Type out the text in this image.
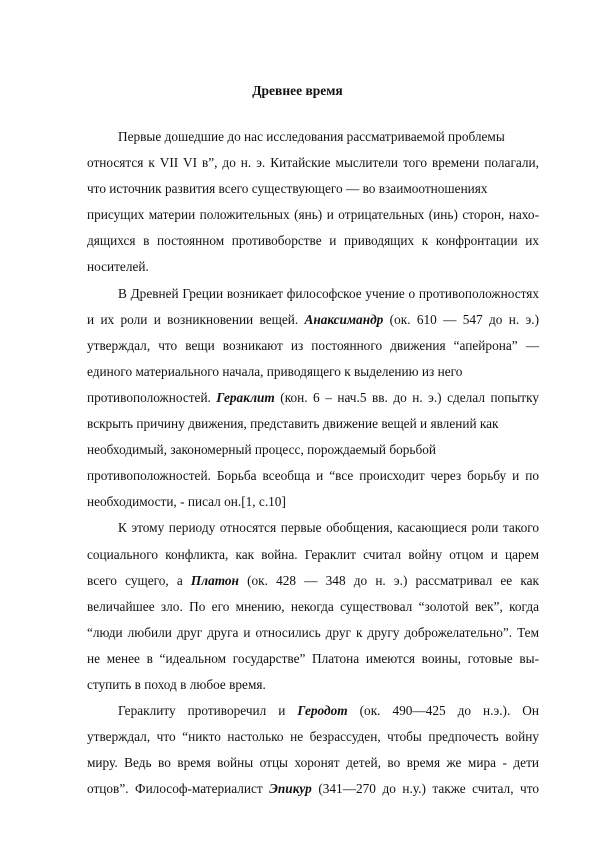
Древнее время
Первые дошедшие до нас исследования рассматриваемой проблемы
относятся к VII VI в”, до н. э. Китайские мыслители того времени полагали,
что источник развития всего существующего — во взаимоотношениях
присущих материи положительных (янь) и отрицательных (инь) сторон, нахо-
дящихся в постоянном противоборстве и приводящих к конфронтации их
носителей.
В Древней Греции возникает философское учение о противоположностях
и их роли и возникновении вещей. Анаксимандр (ок. 610 — 547 до н. э.)
утверждал, что вещи возникают из постоянного движения “апейрона” —
единого материального начала, приводящего к выделению из него
противоположностей. Гераклит (кон. 6 – нач.5 вв. до н. э.) сделал попытку
вскрыть причину движения, представить движение вещей и явлений как
необходимый, закономерный процесс, порождаемый борьбой
противоположностей. Борьба всеобща и “все происходит через борьбу и по
необходимости, - писал он.[1, с.10]
К этому периоду относятся первые обобщения, касающиеся роли такого
социального конфликта, как война. Гераклит считал войну отцом и царем
всего сущего, а Платон (ок. 428 — 348 до н. э.) рассматривал ее как
величайшее зло. По его мнению, некогда существовал “золотой век”, когда
“люди любили друг друга и относились друг к другу доброжелательно”. Тем
не менее в “идеальном государстве” Платона имеются воины, готовые вы-
ступить в поход в любое время.
Гераклиту противоречил и Геродот (ок. 490—425 до н.э.). Он
утверждал, что “никто настолько не безрассуден, чтобы предпочесть войну
миру. Ведь во время войны отцы хоронят детей, во время же мира - дети
отцов”. Философ-материалист Эпикур (341—270 до н.у.) также считал, что
